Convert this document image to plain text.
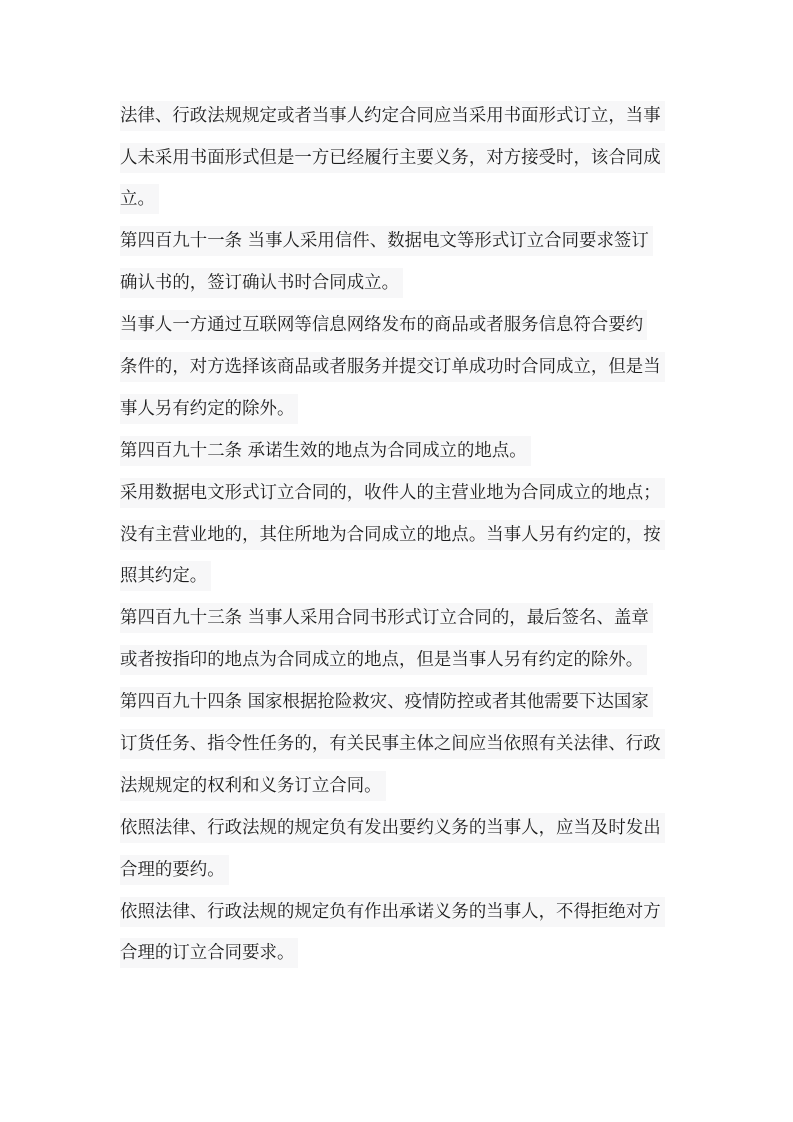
法律、行政法规规定或者当事人约定合同应当采用书面形式订立，当事
人未采用书面形式但是一方已经履行主要义务，对方接受时，该合同成
立。
第四百九十一条 当事人采用信件、数据电文等形式订立合同要求签订
确认书的，签订确认书时合同成立。
当事人一方通过互联网等信息网络发布的商品或者服务信息符合要约
条件的，对方选择该商品或者服务并提交订单成功时合同成立，但是当
事人另有约定的除外。
第四百九十二条 承诺生效的地点为合同成立的地点。
采用数据电文形式订立合同的，收件人的主营业地为合同成立的地点；
没有主营业地的，其住所地为合同成立的地点。当事人另有约定的，按
照其约定。
第四百九十三条 当事人采用合同书形式订立合同的，最后签名、盖章
或者按指印的地点为合同成立的地点，但是当事人另有约定的除外。
第四百九十四条 国家根据抢险救灾、疫情防控或者其他需要下达国家
订货任务、指令性任务的，有关民事主体之间应当依照有关法律、行政
法规规定的权利和义务订立合同。
依照法律、行政法规的规定负有发出要约义务的当事人，应当及时发出
合理的要约。
依照法律、行政法规的规定负有作出承诺义务的当事人，不得拒绝对方
合理的订立合同要求。
